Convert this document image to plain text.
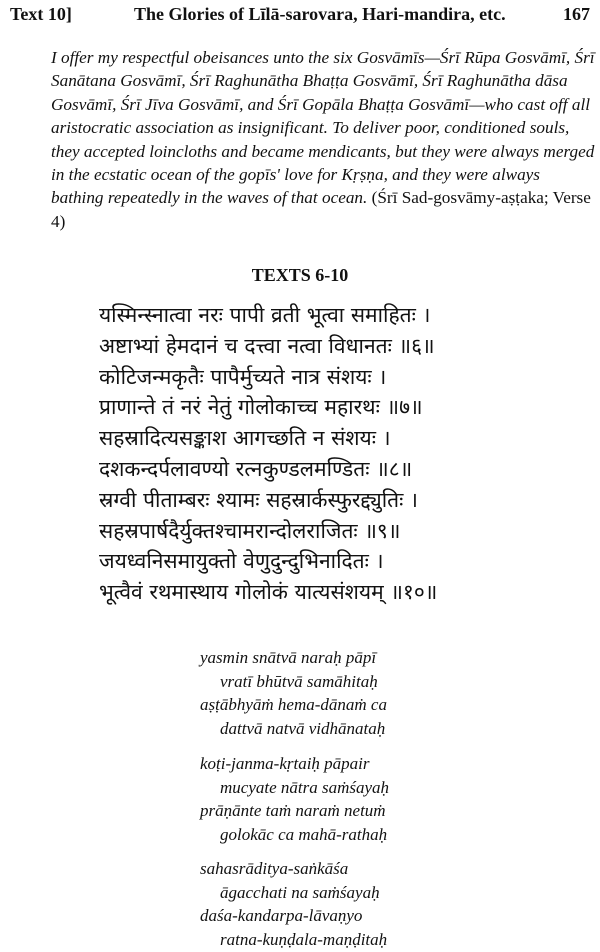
Text 10]	The Glories of Līlā-sarovara, Hari-mandira, etc.	167

I offer my respectful obeisances unto the six Gosvāmīs—Śrī Rūpa Gosvāmī, Śrī Sanātana Gosvāmī, Śrī Raghunātha Bhaṭṭa Gosvāmī, Śrī Raghunātha dāsa Gosvāmī, Śrī Jīva Gosvāmī, and Śrī Gopāla Bhaṭṭa Gosvāmī—who cast off all aristocratic association as insignificant. To deliver poor, conditioned souls, they accepted loincloths and became mendicants, but they were always merged in the ecstatic ocean of the gopīs' love for Kṛṣṇa, and they were always bathing repeatedly in the waves of that ocean. (Śrī Sad-gosvāmy-aṣṭaka; Verse 4)

TEXTS 6-10
यस्मिन्स्नात्वा नरः पापी व्रती भूत्वा समाहितः ।
अष्टाभ्यां हेमदानं च दत्त्वा नत्वा विधानतः ॥६॥
कोटिजन्मकृतैः पापैर्मुच्यते नात्र संशयः ।
प्राणान्ते तं नरं नेतुं गोलोकाच्च महारथः ॥७॥
सहस्रादित्यसङ्काश आगच्छति न संशयः ।
दशकन्दर्पलावण्यो रत्नकुण्डलमण्डितः ॥८॥
स्रग्वी पीताम्बरः श्यामः सहस्रार्कस्फुरद्द्युतिः ।
सहस्रपार्षदैर्युक्तश्चामरान्दोलराजितः ॥९॥
जयध्वनिसमायुक्तो वेणुदुन्दुभिनादितः ।
भूत्वैवं रथमास्थाय गोलोकं यात्यसंशयम् ॥१०॥
yasmin snātvā naraḥ pāpī
vratī bhūtvā samāhitaḥ
aṣṭābhyāṁ hema-dānaṁ ca
dattvā natvā vidhānataḥ
koṭi-janma-kṛtaiḥ pāpair
mucyate nātra saṁśayaḥ
prāṇānte taṁ naraṁ netuṁ
golokāc ca mahā-rathaḥ
sahasrāditya-saṅkāśa
āgacchati na saṁśayaḥ
daśa-kandarpa-lāvaṇyo
ratna-kuṇḍala-maṇḍitaḥ
